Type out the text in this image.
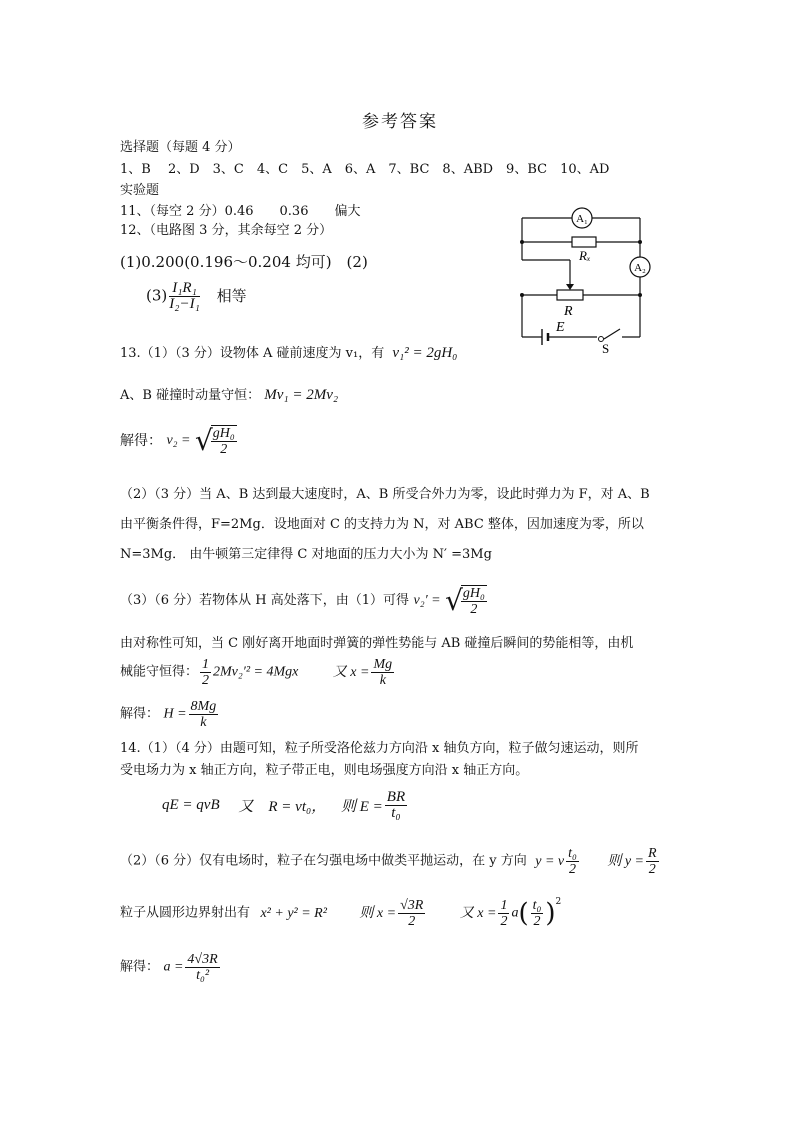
参考答案
选择题（每题 4 分）
1、B　 2、D　3、C　4、C　5、A　6、A　7、BC　8、ABD　9、BC　10、AD
实验题
11、（每空 2 分）0.46　　0.36　　偏大
12、（电路图 3 分，其余每空 2 分）
(1)0.200(0.196～0.204 均可)　(2)
$(3) \frac{\text{I₁R₁}}{\text{I₂−I₁}}$ 相等
A₁
A₂
Rₓ
R
E
S
13.（1）（3 分）设物体 A 碰前速度为 v₁，有 v₁² = 2gH₀
A、B 碰撞时动量守恒： Mv₁ = 2Mv₂
解得： v₂ = √
$\frac{\text{gH₀}}{2}$
（2）（3 分）当 A、B 达到最大速度时，A、B 所受合外力为零，设此时弹力为 F，对 A、B
由平衡条件得，F=2Mg．设地面对 C 的支持力为 N，对 ABC 整体，因加速度为零，所以
N=3Mg． 由牛顿第三定律得 C 对地面的压力大小为 N′ =3Mg
（3）（6 分）若物体从 H 高处落下，由（1）可得 v₂′ = √
$\frac{\text{gH₀}}{2}$
由对称性可知，当 C 刚好离开地面时弹簧的弹性势能与 AB 碰撞后瞬间的势能相等，由机
械能守恒得： $\frac{1}{2} 2Mv_2'^2 = 4Mgx$ 又 $x = \frac{Mg}{k}$
解得： $H = \frac{8Mg}{k}$
14.（1）（4 分）由题可知，粒子所受洛伦兹力方向沿 x 轴负方向，粒子做匀速运动，则所
受电场力为 x 轴正方向，粒子带正电，则电场强度方向沿 x 轴正方向。
qE = qvB 又　R = vt₀， 则 $E = \frac{BR}{\text{t₀}}$
（2）（6 分）仅有电场时，粒子在匀强电场中做类平抛运动，在 y 方向 y = v $\frac{\text{t₀}}{2}$ 则 $y = \frac{R}{2}$
粒子从圆形边界射出有 x² + y² = R² 则 $x = \frac{√3R}{2}$ 又 $x = \frac{1}{2} a( \frac{\text{t₀}}{2} )^2$
解得： $a = \frac{4√3R}{\text{t₀²}}$
